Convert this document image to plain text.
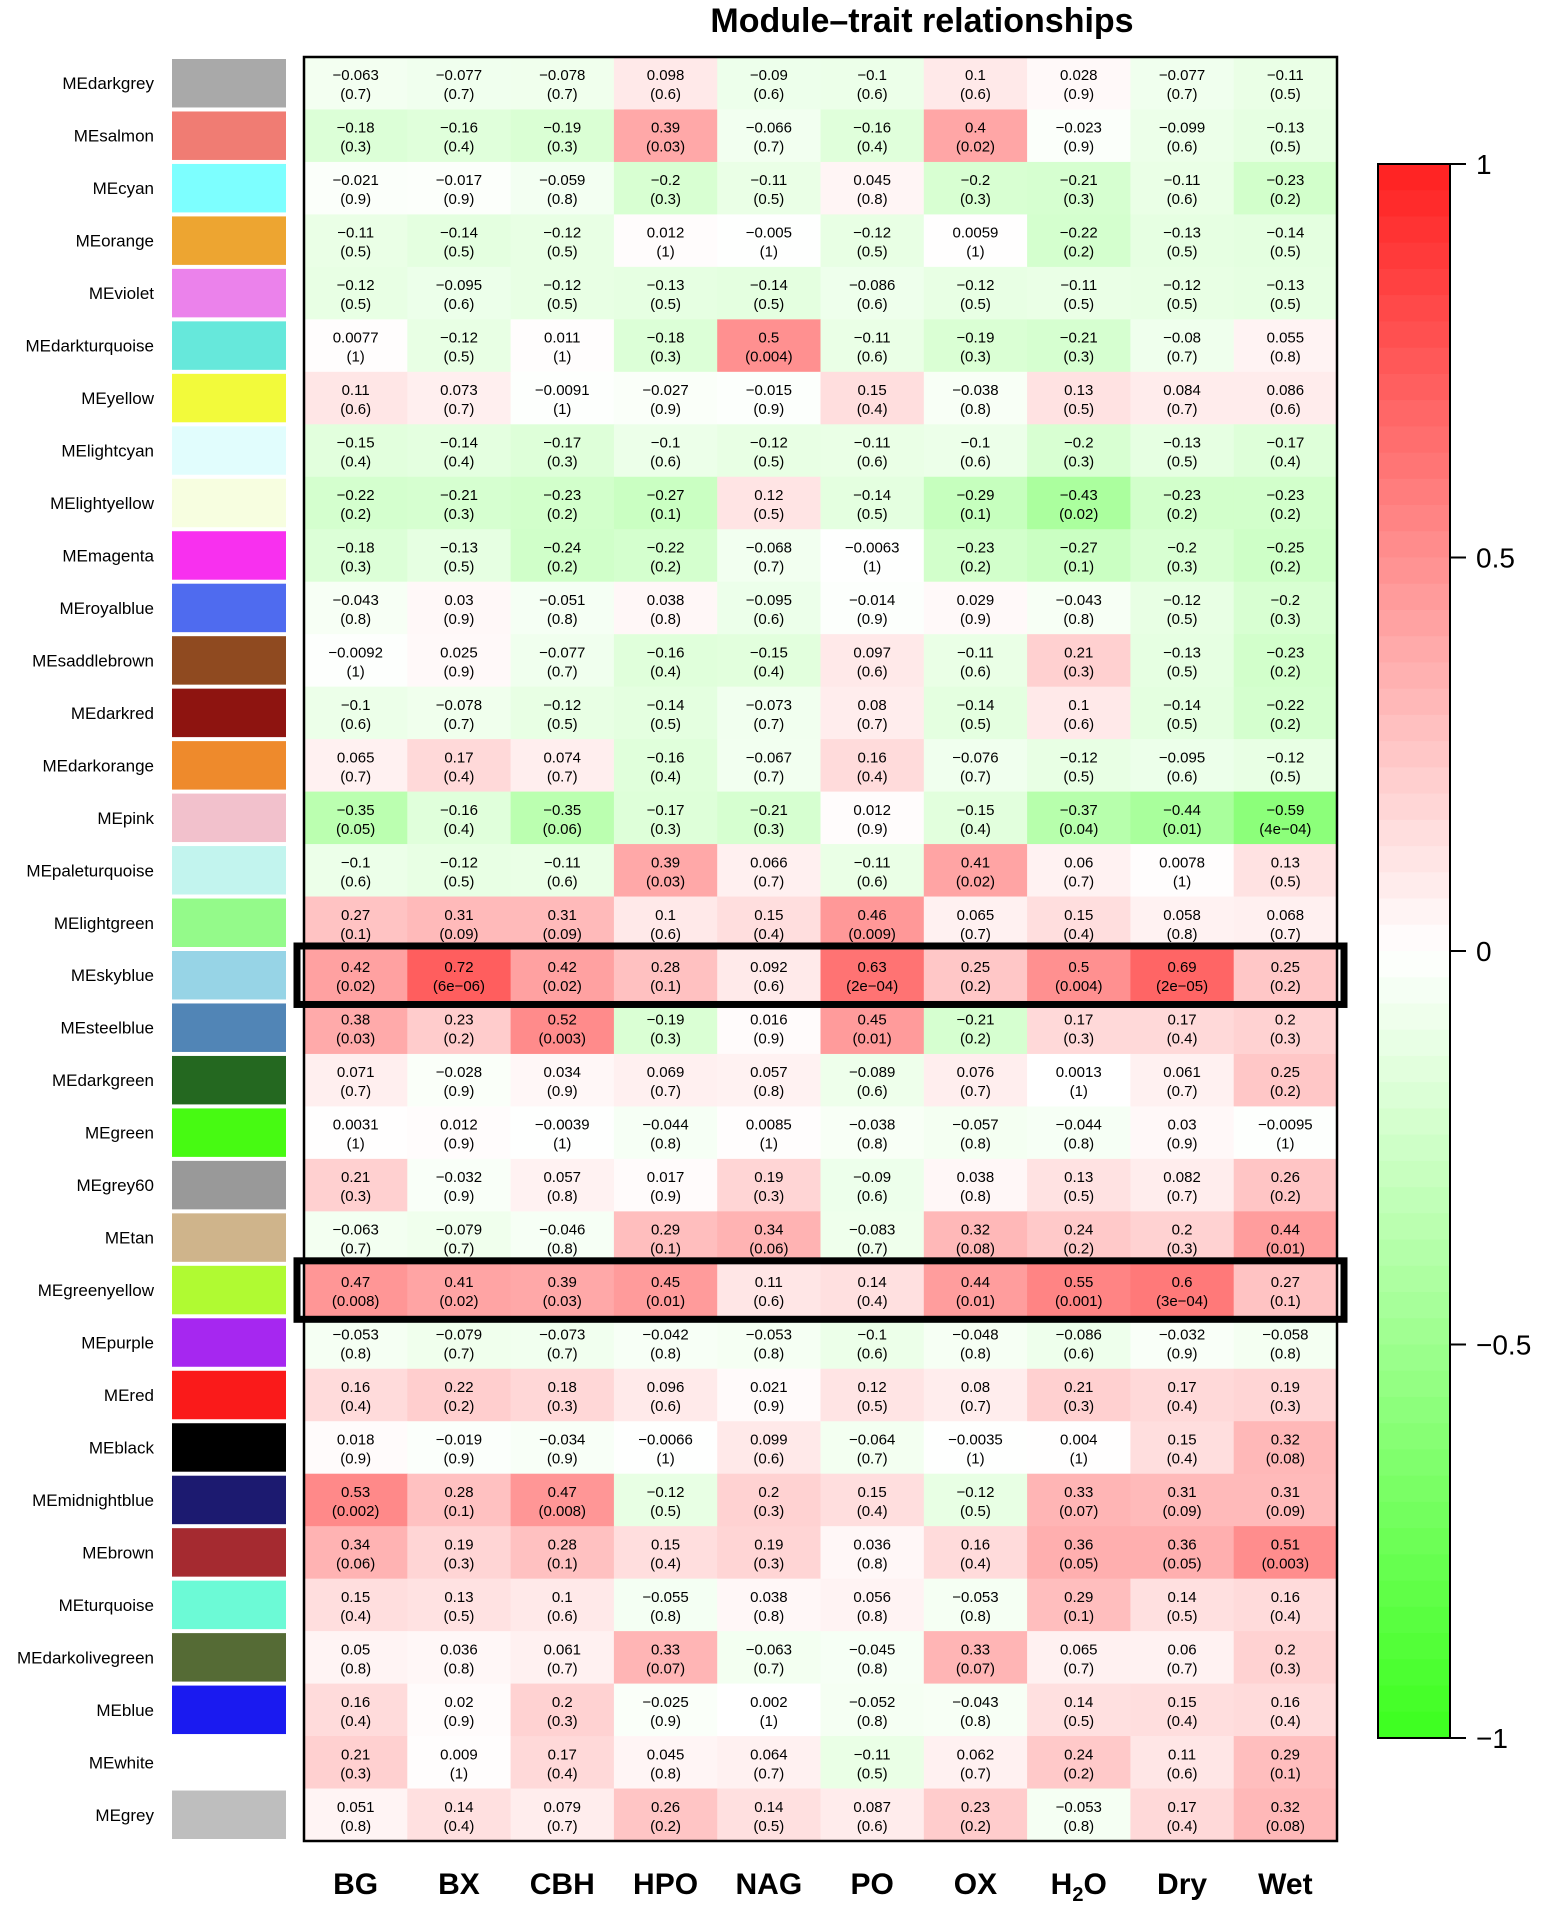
Module–trait relationships
MEdarkgrey
MEsalmon
MEcyan
MEorange
MEviolet
MEdarkturquoise
MEyellow
MElightcyan
MElightyellow
MEmagenta
MEroyalblue
MEsaddlebrown
MEdarkred
MEdarkorange
MEpink
MEpaleturquoise
MElightgreen
MEskyblue
MEsteelblue
MEdarkgreen
MEgreen
MEgrey60
MEtan
MEgreenyellow
MEpurple
MEred
MEblack
MEmidnightblue
MEbrown
MEturquoise
MEdarkolivegreen
MEblue
MEwhite
MEgrey
−0.063
(0.7)
−0.077
(0.7)
−0.078
(0.7)
0.098
(0.6)
−0.09
(0.6)
−0.1
(0.6)
0.1
(0.6)
0.028
(0.9)
−0.077
(0.7)
−0.11
(0.5)
−0.18
(0.3)
−0.16
(0.4)
−0.19
(0.3)
0.39
(0.03)
−0.066
(0.7)
−0.16
(0.4)
0.4
(0.02)
−0.023
(0.9)
−0.099
(0.6)
−0.13
(0.5)
−0.021
(0.9)
−0.017
(0.9)
−0.059
(0.8)
−0.2
(0.3)
−0.11
(0.5)
0.045
(0.8)
−0.2
(0.3)
−0.21
(0.3)
−0.11
(0.6)
−0.23
(0.2)
−0.11
(0.5)
−0.14
(0.5)
−0.12
(0.5)
0.012
(1)
−0.005
(1)
−0.12
(0.5)
0.0059
(1)
−0.22
(0.2)
−0.13
(0.5)
−0.14
(0.5)
−0.12
(0.5)
−0.095
(0.6)
−0.12
(0.5)
−0.13
(0.5)
−0.14
(0.5)
−0.086
(0.6)
−0.12
(0.5)
−0.11
(0.5)
−0.12
(0.5)
−0.13
(0.5)
0.0077
(1)
−0.12
(0.5)
0.011
(1)
−0.18
(0.3)
0.5
(0.004)
−0.11
(0.6)
−0.19
(0.3)
−0.21
(0.3)
−0.08
(0.7)
0.055
(0.8)
0.11
(0.6)
0.073
(0.7)
−0.0091
(1)
−0.027
(0.9)
−0.015
(0.9)
0.15
(0.4)
−0.038
(0.8)
0.13
(0.5)
0.084
(0.7)
0.086
(0.6)
−0.15
(0.4)
−0.14
(0.4)
−0.17
(0.3)
−0.1
(0.6)
−0.12
(0.5)
−0.11
(0.6)
−0.1
(0.6)
−0.2
(0.3)
−0.13
(0.5)
−0.17
(0.4)
−0.22
(0.2)
−0.21
(0.3)
−0.23
(0.2)
−0.27
(0.1)
0.12
(0.5)
−0.14
(0.5)
−0.29
(0.1)
−0.43
(0.02)
−0.23
(0.2)
−0.23
(0.2)
−0.18
(0.3)
−0.13
(0.5)
−0.24
(0.2)
−0.22
(0.2)
−0.068
(0.7)
−0.0063
(1)
−0.23
(0.2)
−0.27
(0.1)
−0.2
(0.3)
−0.25
(0.2)
−0.043
(0.8)
0.03
(0.9)
−0.051
(0.8)
0.038
(0.8)
−0.095
(0.6)
−0.014
(0.9)
0.029
(0.9)
−0.043
(0.8)
−0.12
(0.5)
−0.2
(0.3)
−0.0092
(1)
0.025
(0.9)
−0.077
(0.7)
−0.16
(0.4)
−0.15
(0.4)
0.097
(0.6)
−0.11
(0.6)
0.21
(0.3)
−0.13
(0.5)
−0.23
(0.2)
−0.1
(0.6)
−0.078
(0.7)
−0.12
(0.5)
−0.14
(0.5)
−0.073
(0.7)
0.08
(0.7)
−0.14
(0.5)
0.1
(0.6)
−0.14
(0.5)
−0.22
(0.2)
0.065
(0.7)
0.17
(0.4)
0.074
(0.7)
−0.16
(0.4)
−0.067
(0.7)
0.16
(0.4)
−0.076
(0.7)
−0.12
(0.5)
−0.095
(0.6)
−0.12
(0.5)
−0.35
(0.05)
−0.16
(0.4)
−0.35
(0.06)
−0.17
(0.3)
−0.21
(0.3)
0.012
(0.9)
−0.15
(0.4)
−0.37
(0.04)
−0.44
(0.01)
−0.59
(4e−04)
−0.1
(0.6)
−0.12
(0.5)
−0.11
(0.6)
0.39
(0.03)
0.066
(0.7)
−0.11
(0.6)
0.41
(0.02)
0.06
(0.7)
0.0078
(1)
0.13
(0.5)
0.27
(0.1)
0.31
(0.09)
0.31
(0.09)
0.1
(0.6)
0.15
(0.4)
0.46
(0.009)
0.065
(0.7)
0.15
(0.4)
0.058
(0.8)
0.068
(0.7)
0.42
(0.02)
0.72
(6e−06)
0.42
(0.02)
0.28
(0.1)
0.092
(0.6)
0.63
(2e−04)
0.25
(0.2)
0.5
(0.004)
0.69
(2e−05)
0.25
(0.2)
0.38
(0.03)
0.23
(0.2)
0.52
(0.003)
−0.19
(0.3)
0.016
(0.9)
0.45
(0.01)
−0.21
(0.2)
0.17
(0.3)
0.17
(0.4)
0.2
(0.3)
0.071
(0.7)
−0.028
(0.9)
0.034
(0.9)
0.069
(0.7)
0.057
(0.8)
−0.089
(0.6)
0.076
(0.7)
0.0013
(1)
0.061
(0.7)
0.25
(0.2)
0.0031
(1)
0.012
(0.9)
−0.0039
(1)
−0.044
(0.8)
0.0085
(1)
−0.038
(0.8)
−0.057
(0.8)
−0.044
(0.8)
0.03
(0.9)
−0.0095
(1)
0.21
(0.3)
−0.032
(0.9)
0.057
(0.8)
0.017
(0.9)
0.19
(0.3)
−0.09
(0.6)
0.038
(0.8)
0.13
(0.5)
0.082
(0.7)
0.26
(0.2)
−0.063
(0.7)
−0.079
(0.7)
−0.046
(0.8)
0.29
(0.1)
0.34
(0.06)
−0.083
(0.7)
0.32
(0.08)
0.24
(0.2)
0.2
(0.3)
0.44
(0.01)
0.47
(0.008)
0.41
(0.02)
0.39
(0.03)
0.45
(0.01)
0.11
(0.6)
0.14
(0.4)
0.44
(0.01)
0.55
(0.001)
0.6
(3e−04)
0.27
(0.1)
−0.053
(0.8)
−0.079
(0.7)
−0.073
(0.7)
−0.042
(0.8)
−0.053
(0.8)
−0.1
(0.6)
−0.048
(0.8)
−0.086
(0.6)
−0.032
(0.9)
−0.058
(0.8)
0.16
(0.4)
0.22
(0.2)
0.18
(0.3)
0.096
(0.6)
0.021
(0.9)
0.12
(0.5)
0.08
(0.7)
0.21
(0.3)
0.17
(0.4)
0.19
(0.3)
0.018
(0.9)
−0.019
(0.9)
−0.034
(0.9)
−0.0066
(1)
0.099
(0.6)
−0.064
(0.7)
−0.0035
(1)
0.004
(1)
0.15
(0.4)
0.32
(0.08)
0.53
(0.002)
0.28
(0.1)
0.47
(0.008)
−0.12
(0.5)
0.2
(0.3)
0.15
(0.4)
−0.12
(0.5)
0.33
(0.07)
0.31
(0.09)
0.31
(0.09)
0.34
(0.06)
0.19
(0.3)
0.28
(0.1)
0.15
(0.4)
0.19
(0.3)
0.036
(0.8)
0.16
(0.4)
0.36
(0.05)
0.36
(0.05)
0.51
(0.003)
0.15
(0.4)
0.13
(0.5)
0.1
(0.6)
−0.055
(0.8)
0.038
(0.8)
0.056
(0.8)
−0.053
(0.8)
0.29
(0.1)
0.14
(0.5)
0.16
(0.4)
0.05
(0.8)
0.036
(0.8)
0.061
(0.7)
0.33
(0.07)
−0.063
(0.7)
−0.045
(0.8)
0.33
(0.07)
0.065
(0.7)
0.06
(0.7)
0.2
(0.3)
0.16
(0.4)
0.02
(0.9)
0.2
(0.3)
−0.025
(0.9)
0.002
(1)
−0.052
(0.8)
−0.043
(0.8)
0.14
(0.5)
0.15
(0.4)
0.16
(0.4)
0.21
(0.3)
0.009
(1)
0.17
(0.4)
0.045
(0.8)
0.064
(0.7)
−0.11
(0.5)
0.062
(0.7)
0.24
(0.2)
0.11
(0.6)
0.29
(0.1)
0.051
(0.8)
0.14
(0.4)
0.079
(0.7)
0.26
(0.2)
0.14
(0.5)
0.087
(0.6)
0.23
(0.2)
−0.053
(0.8)
0.17
(0.4)
0.32
(0.08)
BG BX CBH HPO NAG PO OX $H_2O$ Dry Wet
1
0.5
0
−0.5
−1
